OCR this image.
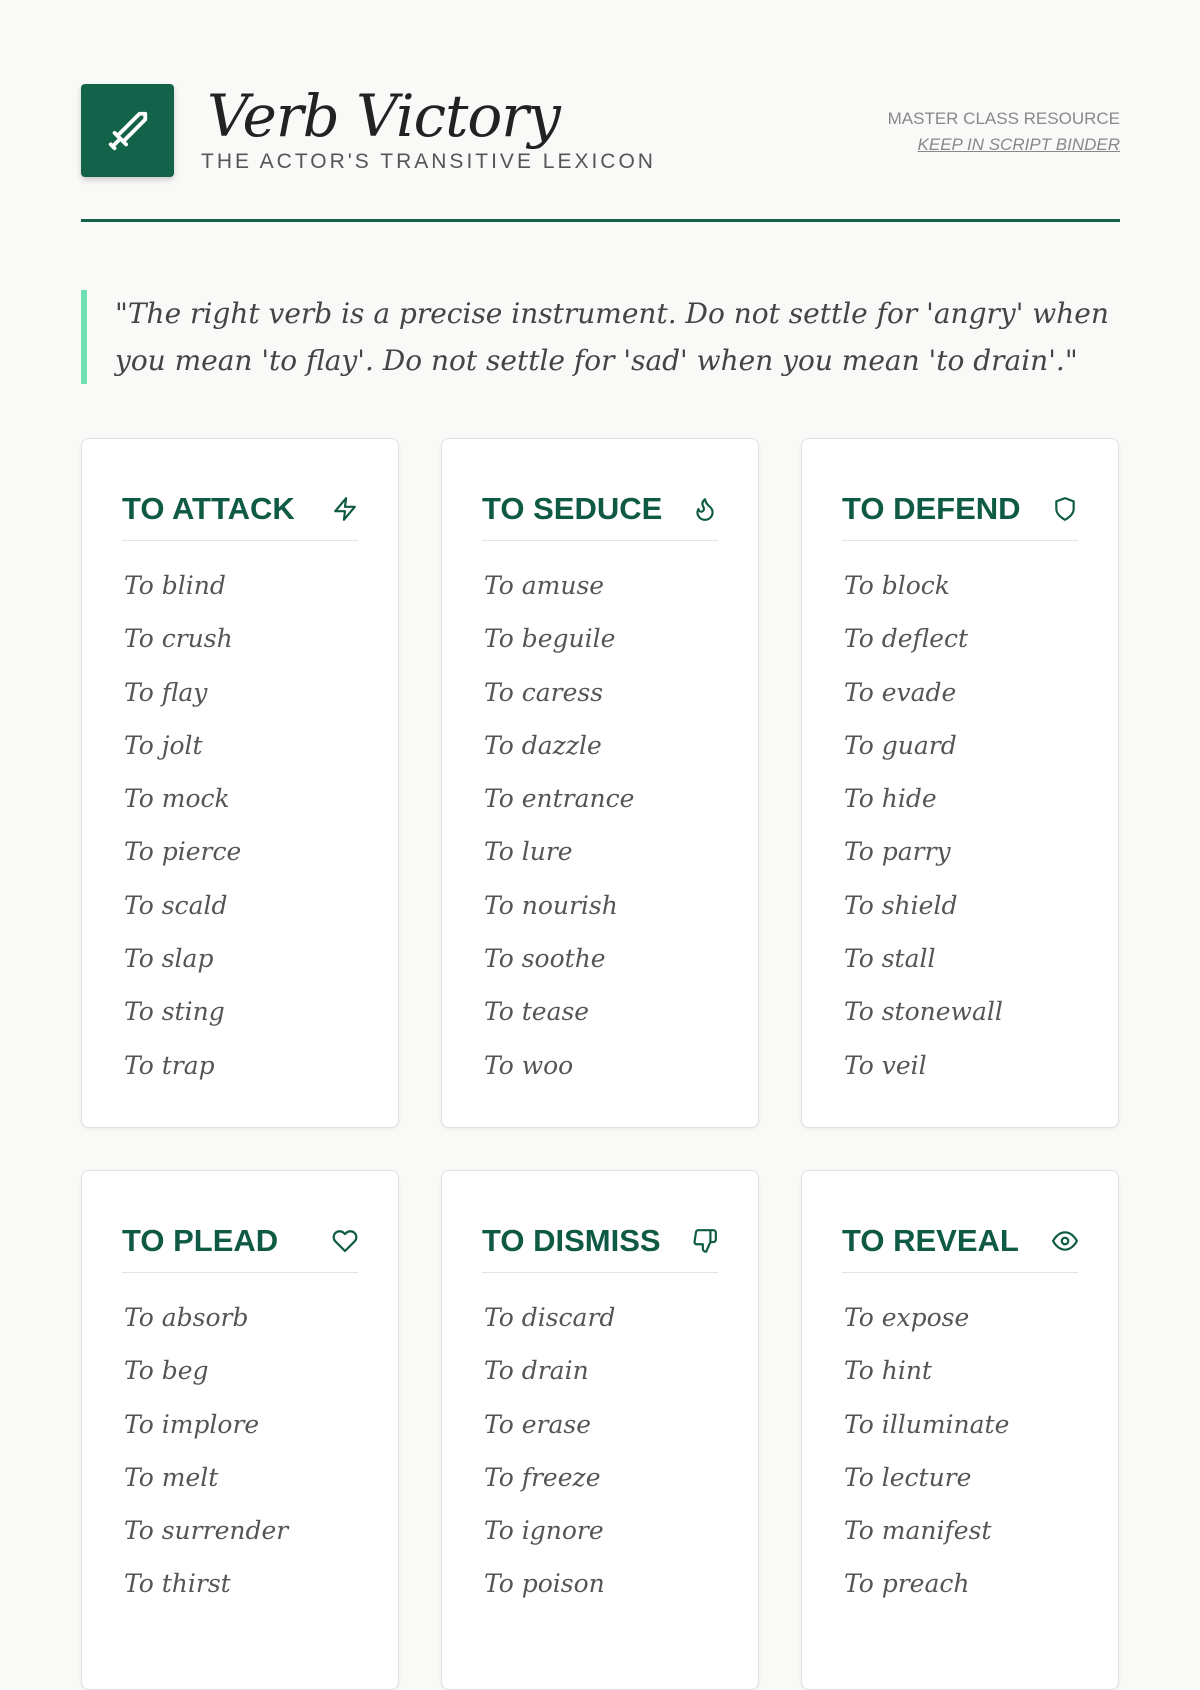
Verb Victory
THE ACTOR'S TRANSITIVE LEXICON
MASTER CLASS RESOURCE
KEEP IN SCRIPT BINDER
"The right verb is a precise instrument. Do not settle for 'angry' when you mean 'to flay'. Do not settle for 'sad' when you mean 'to drain'."
TO ATTACK
To blind
To crush
To flay
To jolt
To mock
To pierce
To scald
To slap
To sting
To trap
TO SEDUCE
To amuse
To beguile
To caress
To dazzle
To entrance
To lure
To nourish
To soothe
To tease
To woo
TO DEFEND
To block
To deflect
To evade
To guard
To hide
To parry
To shield
To stall
To stonewall
To veil
TO PLEAD
To absorb
To beg
To implore
To melt
To surrender
To thirst
TO DISMISS
To discard
To drain
To erase
To freeze
To ignore
To poison
TO REVEAL
To expose
To hint
To illuminate
To lecture
To manifest
To preach
